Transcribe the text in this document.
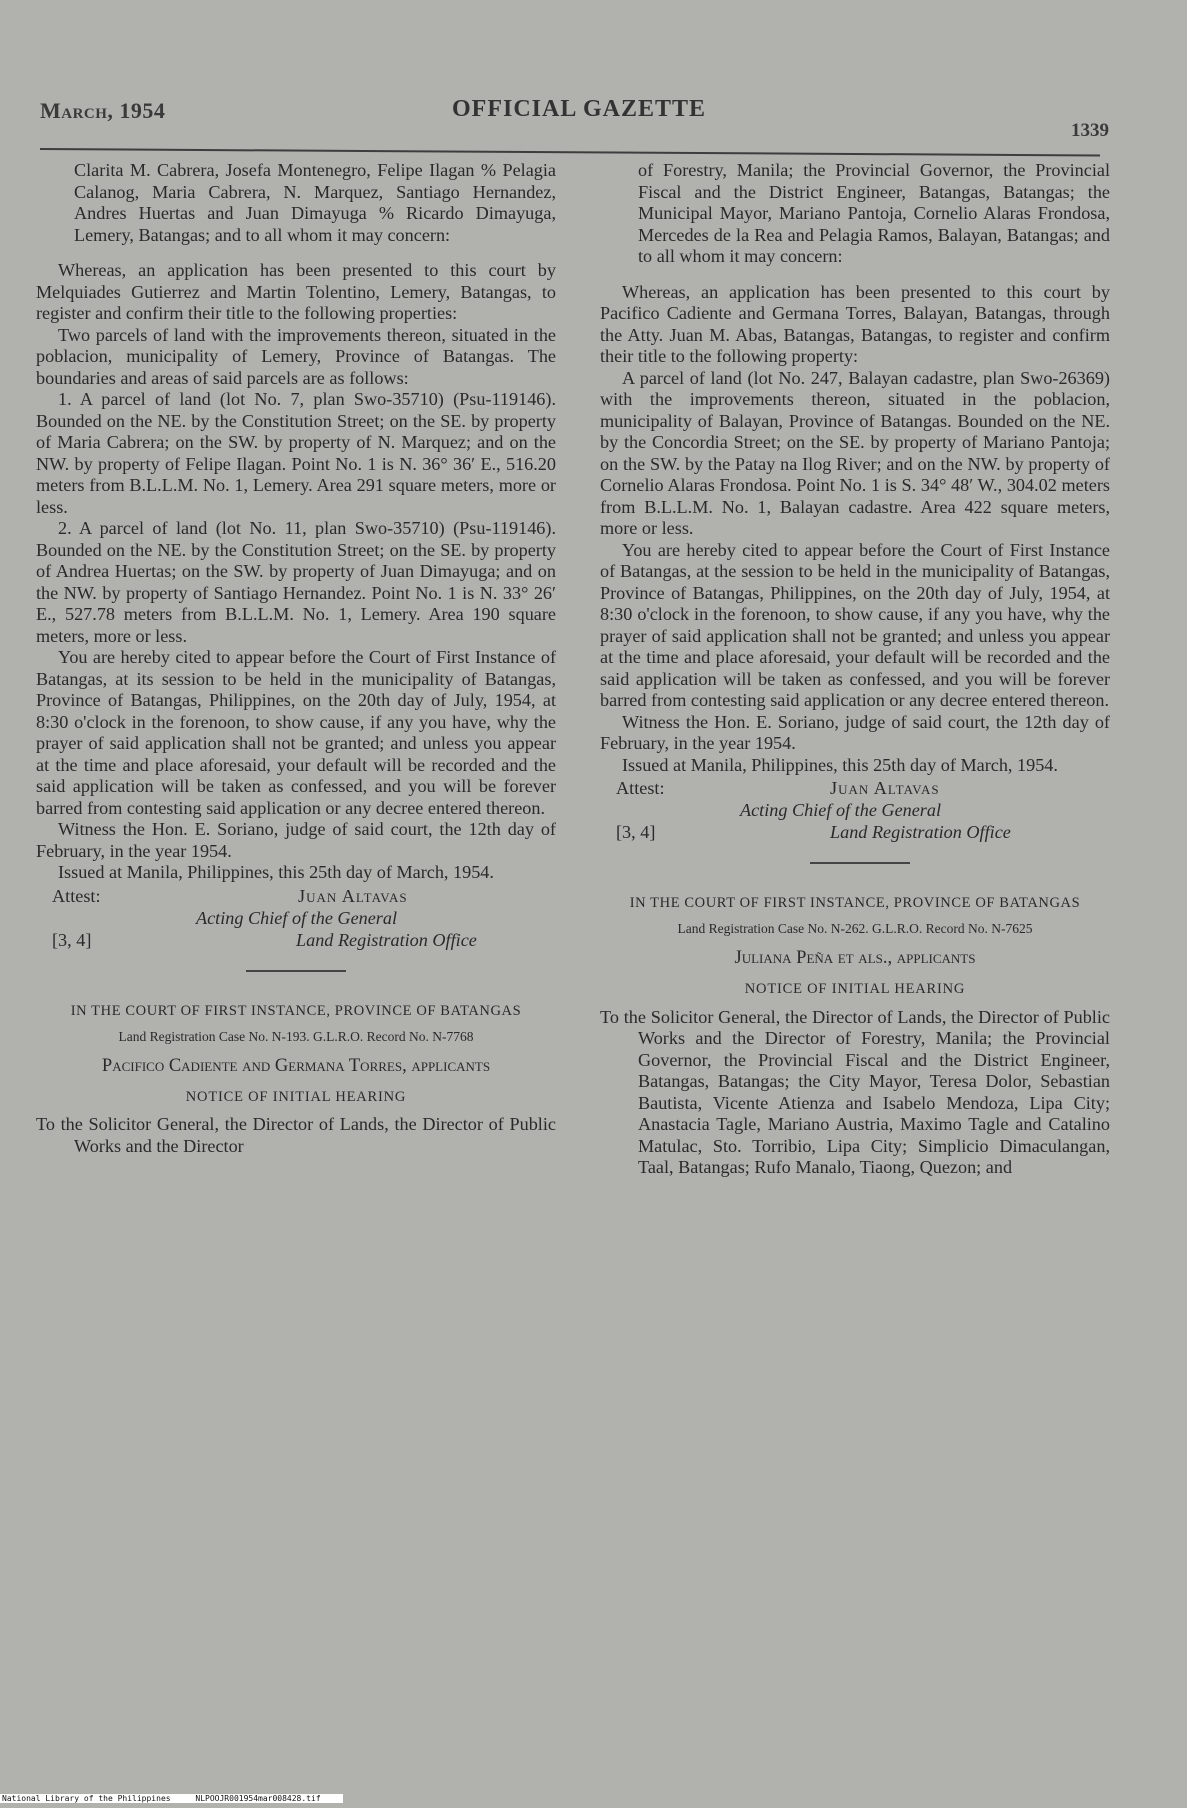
March, 1954	OFFICIAL GAZETTE
1339

Clarita M. Cabrera, Josefa Montenegro, Felipe Ilagan % Pelagia Calanog, Maria Cabrera, N. Marquez, Santiago Hernandez, Andres Huertas and Juan Dimayuga % Ricardo Dimayuga, Lemery, Batangas; and to all whom it may concern:

Whereas, an application has been presented to this court by Melquiades Gutierrez and Martin Tolentino, Lemery, Batangas, to register and confirm their title to the following properties:

Two parcels of land with the improvements thereon, situated in the poblacion, municipality of Lemery, Province of Batangas. The boundaries and areas of said parcels are as follows:

1. A parcel of land (lot No. 7, plan Swo-35710) (Psu-119146). Bounded on the NE. by the Constitution Street; on the SE. by property of Maria Cabrera; on the SW. by property of N. Marquez; and on the NW. by property of Felipe Ilagan. Point No. 1 is N. 36° 36′ E., 516.20 meters from B.L.L.M. No. 1, Lemery. Area 291 square meters, more or less.

2. A parcel of land (lot No. 11, plan Swo-35710) (Psu-119146). Bounded on the NE. by the Constitution Street; on the SE. by property of Andrea Huertas; on the SW. by property of Juan Dimayuga; and on the NW. by property of Santiago Hernandez. Point No. 1 is N. 33° 26′ E., 527.78 meters from B.L.L.M. No. 1, Lemery. Area 190 square meters, more or less.

You are hereby cited to appear before the Court of First Instance of Batangas, at its session to be held in the municipality of Batangas, Province of Batangas, Philippines, on the 20th day of July, 1954, at 8:30 o'clock in the forenoon, to show cause, if any you have, why the prayer of said application shall not be granted; and unless you appear at the time and place aforesaid, your default will be recorded and the said application will be taken as confessed, and you will be forever barred from contesting said application or any decree entered thereon.

Witness the Hon. E. Soriano, judge of said court, the 12th day of February, in the year 1954.

Issued at Manila, Philippines, this 25th day of March, 1954.

Attest:	Juan Altavas
Acting Chief of the General
[3, 4]	Land Registration Office
IN THE COURT OF FIRST INSTANCE, PROVINCE OF BATANGAS
Land Registration Case No. N-193. G.L.R.O. Record No. N-7768
Pacifico Cadiente and Germana Torres, applicants
NOTICE OF INITIAL HEARING

To the Solicitor General, the Director of Lands, the Director of Public Works and the Director

of Forestry, Manila; the Provincial Governor, the Provincial Fiscal and the District Engineer, Batangas, Batangas; the Municipal Mayor, Mariano Pantoja, Cornelio Alaras Frondosa, Mercedes de la Rea and Pelagia Ramos, Balayan, Batangas; and to all whom it may concern:

Whereas, an application has been presented to this court by Pacifico Cadiente and Germana Torres, Balayan, Batangas, through the Atty. Juan M. Abas, Batangas, Batangas, to register and confirm their title to the following property:

A parcel of land (lot No. 247, Balayan cadastre, plan Swo-26369) with the improvements thereon, situated in the poblacion, municipality of Balayan, Province of Batangas. Bounded on the NE. by the Concordia Street; on the SE. by property of Mariano Pantoja; on the SW. by the Patay na Ilog River; and on the NW. by property of Cornelio Alaras Frondosa. Point No. 1 is S. 34° 48′ W., 304.02 meters from B.L.L.M. No. 1, Balayan cadastre. Area 422 square meters, more or less.

You are hereby cited to appear before the Court of First Instance of Batangas, at the session to be held in the municipality of Batangas, Province of Batangas, Philippines, on the 20th day of July, 1954, at 8:30 o'clock in the forenoon, to show cause, if any you have, why the prayer of said application shall not be granted; and unless you appear at the time and place aforesaid, your default will be recorded and the said application will be taken as confessed, and you will be forever barred from contesting said application or any decree entered thereon.

Witness the Hon. E. Soriano, judge of said court, the 12th day of February, in the year 1954.

Issued at Manila, Philippines, this 25th day of March, 1954.

Attest:	Juan Altavas
Acting Chief of the General
[3, 4]	Land Registration Office
IN THE COURT OF FIRST INSTANCE, PROVINCE OF BATANGAS
Land Registration Case No. N-262. G.L.R.O. Record No. N-7625
Juliana Peña et als., applicants
NOTICE OF INITIAL HEARING

To the Solicitor General, the Director of Lands, the Director of Public Works and the Director of Forestry, Manila; the Provincial Governor, the Provincial Fiscal and the District Engineer, Batangas, Batangas; the City Mayor, Teresa Dolor, Sebastian Bautista, Vicente Atienza and Isabelo Mendoza, Lipa City; Anastacia Tagle, Mariano Austria, Maximo Tagle and Catalino Matulac, Sto. Torribio, Lipa City; Simplicio Dimaculangan, Taal, Batangas; Rufo Manalo, Tiaong, Quezon; and

National Library of the Philippines	NLPOOJR001954mar008428.tif
